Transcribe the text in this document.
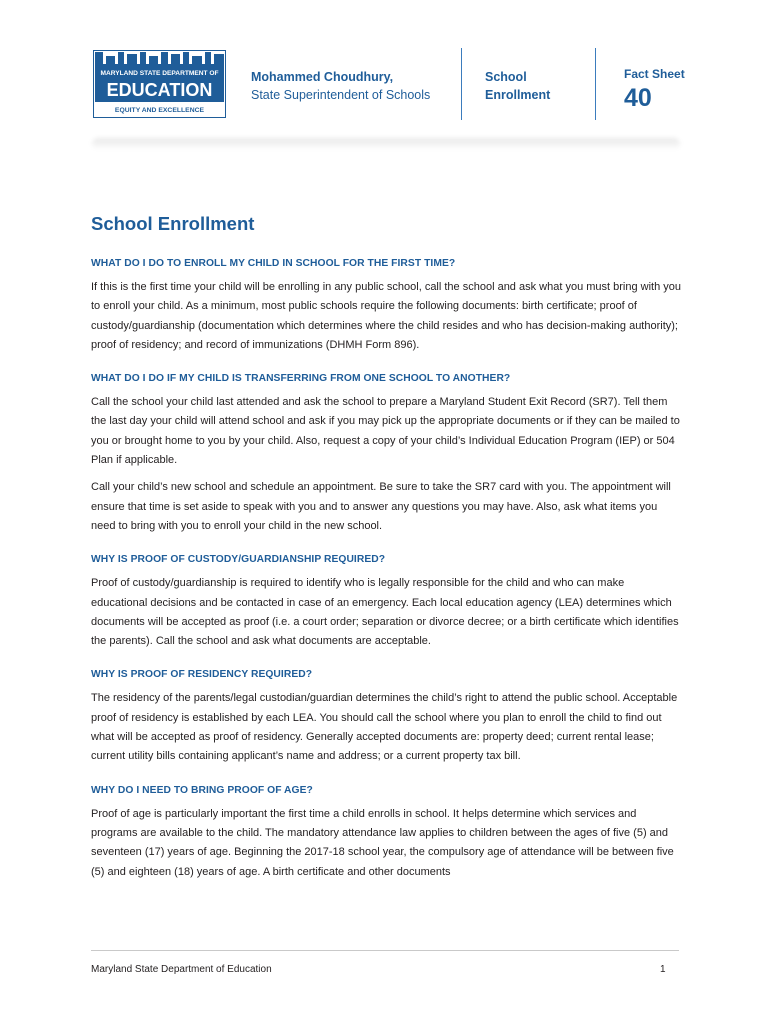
MARYLAND STATE DEPARTMENT OF
EDUCATION
EQUITY AND EXCELLENCE
Mohammed Choudhury,
State Superintendent of Schools
School
Enrollment
Fact Sheet
40
School Enrollment
WHAT DO I DO TO ENROLL MY CHILD IN SCHOOL FOR THE FIRST TIME?

If this is the first time your child will be enrolling in any public school, call the school and ask what you must bring with you to enroll your child. As a minimum, most public schools require the following documents: birth certificate; proof of custody/guardianship (documentation which determines where the child resides and who has decision-making authority); proof of residency; and record of immunizations (DHMH Form 896).

WHAT DO I DO IF MY CHILD IS TRANSFERRING FROM ONE SCHOOL TO ANOTHER?

Call the school your child last attended and ask the school to prepare a Maryland Student Exit Record (SR7). Tell them the last day your child will attend school and ask if you may pick up the appropriate documents or if they can be mailed to you or brought home to you by your child. Also, request a copy of your child’s Individual Education Program (IEP) or 504 Plan if applicable.

Call your child’s new school and schedule an appointment. Be sure to take the SR7 card with you. The appointment will ensure that time is set aside to speak with you and to answer any questions you may have. Also, ask what items you need to bring with you to enroll your child in the new school.

WHY IS PROOF OF CUSTODY/GUARDIANSHIP REQUIRED?

Proof of custody/guardianship is required to identify who is legally responsible for the child and who can make educational decisions and be contacted in case of an emergency. Each local education agency (LEA) determines which documents will be accepted as proof (i.e. a court order; separation or divorce decree; or a birth certificate which identifies the parents). Call the school and ask what documents are acceptable.

WHY IS PROOF OF RESIDENCY REQUIRED?

The residency of the parents/legal custodian/guardian determines the child’s right to attend the public school. Acceptable proof of residency is established by each LEA. You should call the school where you plan to enroll the child to find out what will be accepted as proof of residency. Generally accepted documents are: property deed; current rental lease; current utility bills containing applicant’s name and address; or a current property tax bill.

WHY DO I NEED TO BRING PROOF OF AGE?

Proof of age is particularly important the first time a child enrolls in school. It helps determine which services and programs are available to the child. The mandatory attendance law applies to children between the ages of five (5) and seventeen (17) years of age. Beginning the 2017-18 school year, the compulsory age of attendance will be between five (5) and eighteen (18) years of age. A birth certificate and other documents

Maryland State Department of Education	1
